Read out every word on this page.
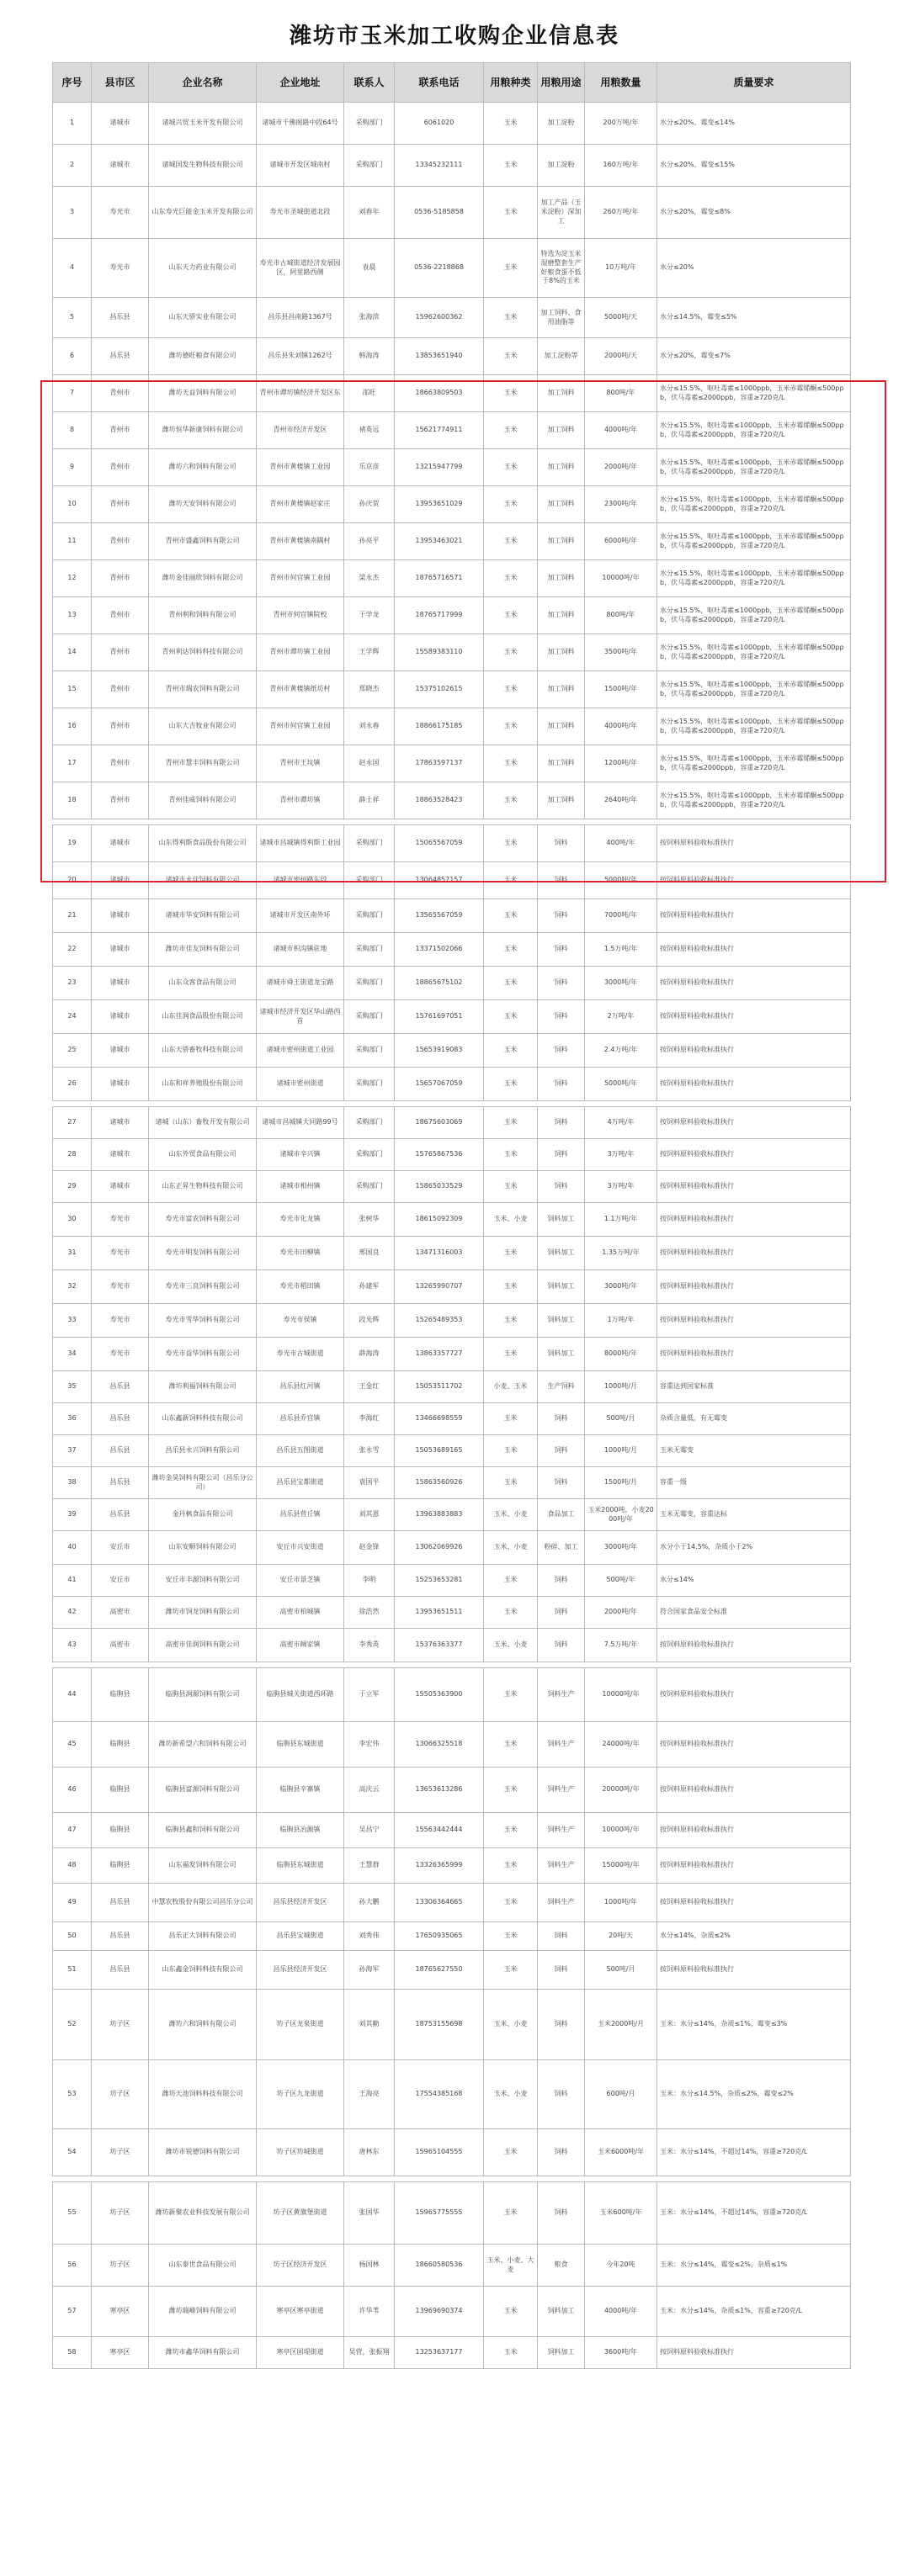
潍坊市玉米加工收购企业信息表
序号	县市区	企业名称	企业地址	联系人	联系电话	用粮种类	用粮用途	用粮数量	质量要求
1	诸城市	诸城兴贸玉米开发有限公司	诸城市千佛阁路中段64号	采购部门	6061020	玉米	加工淀粉	200万吨/年	水分≤20%、霉变≤14%
2	诸城市	诸城国发生物科技有限公司	诸城市开发区城南村	采购部门	13345232111	玉米	加工淀粉	160万吨/年	水分≤20%、霉变≤15%
3	寿光市	山东寿光巨能金玉米开发有限公司	寿光市圣城街道北段	刘春年	0536-5185858	玉米	加工产品（玉米淀粉）深加工	260万吨/年	水分≤20%，霉变≤8%
4	寿光市	山东天力药业有限公司	寿光市古城街道经济发展园区，阿里路西侧	袁晨	0536-2218868	玉米	特选为淀玉米湿磨整套生产好粮食蛋不低于8%的玉米	10万吨/年	水分≤20%
5	昌乐县	山东天骄实业有限公司	昌乐县昌南路1367号	张海滨	15962600362	玉米	加工饲料、食用油脂等	5000吨/天	水分≤14.5%，霉变≤5%
6	昌乐县	潍坊德旺粮食有限公司	昌乐县朱刘镇1262号	韩海涛	13853651940	玉米	加工淀粉等	2000吨/天	水分≤20%，霉变≤7%
7	青州市	潍坊天益饲料有限公司	青州市谭坊镇经济开发区东	邵旺	18663809503	玉米	加工饲料	800吨/年	水分≤15.5%，呕吐毒素≤1000ppb，玉米赤霉烯酮≤500ppb，伏马毒素≤2000ppb，容重≥720克/L
8	青州市	潍坊恒华新康饲料有限公司	青州市经济开发区	褚英远	15621774911	玉米	加工饲料	4000吨/年	水分≤15.5%，呕吐毒素≤1000ppb，玉米赤霉烯酮≤500ppb，伏马毒素≤2000ppb，容重≥720克/L
9	青州市	潍坊六和饲料有限公司	青州市黄楼镇工业园	乐京彦	13215947799	玉米	加工饲料	2000吨/年	水分≤15.5%，呕吐毒素≤1000ppb，玉米赤霉烯酮≤500ppb，伏马毒素≤2000ppb，容重≥720克/L
10	青州市	潍坊天安饲料有限公司	青州市黄楼镇赵家庄	孙庆贺	13953651029	玉米	加工饲料	2300吨/年	水分≤15.5%，呕吐毒素≤1000ppb，玉米赤霉烯酮≤500ppb，伏马毒素≤2000ppb，容重≥720克/L
11	青州市	青州市盛鑫饲料有限公司	青州市黄楼镇南隅村	孙亮平	13953463021	玉米	加工饲料	6000吨/年	水分≤15.5%，呕吐毒素≤1000ppb，玉米赤霉烯酮≤500ppb，伏马毒素≤2000ppb，容重≥720克/L
12	青州市	潍坊金佳丽欣饲料有限公司	青州市何官镇工业园	梁永杰	18765716571	玉米	加工饲料	10000吨/年	水分≤15.5%，呕吐毒素≤1000ppb，玉米赤霉烯酮≤500ppb，伏马毒素≤2000ppb，容重≥720克/L
13	青州市	青州利和饲料有限公司	青州市何官镇院校	于学龙	18765717999	玉米	加工饲料	800吨/年	水分≤15.5%，呕吐毒素≤1000ppb，玉米赤霉烯酮≤500ppb，伏马毒素≤2000ppb，容重≥720克/L
14	青州市	青州利达饲料科技有限公司	青州市谭坊镇工业园	王学辉	15589383110	玉米	加工饲料	3500吨/年	水分≤15.5%，呕吐毒素≤1000ppb，玉米赤霉烯酮≤500ppb，伏马毒素≤2000ppb，容重≥720克/L
15	青州市	青州市瑞农饲料有限公司	青州市黄楼镇纸坊村	郑晓杰	15375102615	玉米	加工饲料	1500吨/年	水分≤15.5%，呕吐毒素≤1000ppb，玉米赤霉烯酮≤500ppb，伏马毒素≤2000ppb，容重≥720克/L
16	青州市	山东大吉牧业有限公司	青州市何官镇工业园	刘永春	18866175185	玉米	加工饲料	4000吨/年	水分≤15.5%，呕吐毒素≤1000ppb，玉米赤霉烯酮≤500ppb，伏马毒素≤2000ppb，容重≥720克/L
17	青州市	青州市慧丰饲料有限公司	青州市王坟镇	赵永国	17863597137	玉米	加工饲料	1200吨/年	水分≤15.5%，呕吐毒素≤1000ppb，玉米赤霉烯酮≤500ppb，伏马毒素≤2000ppb，容重≥720克/L
18	青州市	青州佳威饲料有限公司	青州市谭坊镇	薛士祥	18863528423	玉米	加工饲料	2640吨/年	水分≤15.5%，呕吐毒素≤1000ppb，玉米赤霉烯酮≤500ppb，伏马毒素≤2000ppb，容重≥720克/L

19	诸城市	山东得利斯食品股份有限公司	诸城市昌城镇得利斯工业园	采购部门	15065567059	玉米	饲料	400吨/年	按饲料原料验收标准执行
20	诸城市	诸城市永佳饲料有限公司	诸城市密州路东段	采购部门	13064857157	玉米	饲料	5000吨/年	按饲料原料验收标准执行
21	诸城市	诸城市华安饲料有限公司	诸城市开发区南外环	采购部门	13565567059	玉米	饲料	7000吨/年	按饲料原料验收标准执行
22	诸城市	潍坊市佳友饲料有限公司	诸城市枳沟镇驻地	采购部门	13371502066	玉米	饲料	1.5万吨/年	按饲料原料验收标准执行
23	诸城市	山东众客食品有限公司	诸城市舜王街道龙宝路	采购部门	18865675102	玉米	饲料	3000吨/年	按饲料原料验收标准执行
24	诸城市	山东佳润食品股份有限公司	诸城市经济开发区华山路西首	采购部门	15761697051	玉米	饲料	2万吨/年	按饲料原料验收标准执行
25	诸城市	山东天骄畜牧科技有限公司	诸城市密州街道工业园	采购部门	15653919083	玉米	饲料	2.4万吨/年	按饲料原料验收标准执行
26	诸城市	山东和祥养殖股份有限公司	诸城市密州街道	采购部门	15657067059	玉米	饲料	5000吨/年	按饲料原料验收标准执行

27	诸城市	诸城（山东）畜牧开发有限公司	诸城市昌城镇大同路99号	采购部门	18675603069	玉米	饲料	4万吨/年	按饲料原料验收标准执行
28	诸城市	山东外贸食品有限公司	诸城市辛兴镇	采购部门	15765867536	玉米	饲料	3万吨/年	按饲料原料验收标准执行
29	诸城市	山东正昇生物科技有限公司	诸城市相州镇	采购部门	15865033529	玉米	饲料	3万吨/年	按饲料原料验收标准执行
30	寿光市	寿光市富农饲料有限公司	寿光市化龙镇	张树华	18615092309	玉米、小麦	饲料加工	1.1万吨/年	按饲料原料验收标准执行
31	寿光市	寿光市明发饲料有限公司	寿光市田柳镇	邢国良	13471316003	玉米	饲料加工	1.35万吨/年	按饲料原料验收标准执行
32	寿光市	寿光市三良饲料有限公司	寿光市稻田镇	孙建军	13265990707	玉米	饲料加工	3000吨/年	按饲料原料验收标准执行
33	寿光市	寿光市雪华饲料有限公司	寿光市侯镇	段光辉	15265489353	玉米	饲料加工	1万吨/年	按饲料原料验收标准执行
34	寿光市	寿光市益华饲料有限公司	寿光市古城街道	薛海涛	13863357727	玉米	饲料加工	8000吨/年	按饲料原料验收标准执行
35	昌乐县	潍坊利福饲料有限公司	昌乐县红河镇	王金红	15053511702	小麦、玉米	生产饲料	1000吨/月	容重达到国家标准
36	昌乐县	山东鑫新饲料科技有限公司	昌乐县乔官镇	李海红	13466698559	玉米	饲料	500吨/月	杂质含量低，有无霉变
37	昌乐县	昌乐县永兴饲料有限公司	昌乐县五图街道	张永雪	15053689165	玉米	饲料	1000吨/月	玉米无霉变
38	昌乐县	潍坊金昊饲料有限公司（昌乐分公司）	昌乐县宝都街道	袁国平	15863560926	玉米	饲料	1500吨/月	容重一级
39	昌乐县	金丹枫食品有限公司	昌乐县营丘镇	刘其恩	13963883883	玉米、小麦	食品加工	玉米2000吨，小麦2000吨/年	玉米无霉变，容重达标
40	安丘市	山东安顺饲料有限公司	安丘市兴安街道	赵金锋	13062069926	玉米、小麦	粉碎、加工	3000吨/年	水分小于14.5%，杂质小于2%
41	安丘市	安丘市丰源饲料有限公司	安丘市景芝镇	李明	15253653281	玉米	饲料	500吨/年	水分≤14%
42	高密市	潍坊市饲龙饲料有限公司	高密市柏城镇	徐浩然	13953651511	玉米	饲料	2000吨/年	符合国家食品安全标准
43	高密市	高密市佳润饲料有限公司	高密市阚家镇	李秀英	15376363377	玉米、小麦	饲料	7.5万吨/年	按饲料原料验收标准执行

44	临朐县	临朐县润源饲料有限公司	临朐县城关街道西环路	于立军	15505363900	玉米	饲料生产	10000吨/年	按饲料原料验收标准执行
45	临朐县	潍坊新希望六和饲料有限公司	临朐县东城街道	李宏伟	13066325518	玉米	饲料生产	24000吨/年	按饲料原料验收标准执行
46	临朐县	临朐县富源饲料有限公司	临朐县辛寨镇	高庆云	13653613286	玉米	饲料生产	20000吨/年	按饲料原料验收标准执行
47	临朐县	临朐县鑫和饲料有限公司	临朐县冶源镇	吴昌宁	15563442444	玉米	饲料生产	10000吨/年	按饲料原料验收标准执行
48	临朐县	山东福发饲料有限公司	临朐县东城街道	王慧群	13326365999	玉米	饲料生产	15000吨/年	按饲料原料验收标准执行
49	昌乐县	中慧农牧股份有限公司昌乐分公司	昌乐县经济开发区	孙大鹏	13306364665	玉米	饲料生产	1000吨/年	按饲料原料验收标准执行
50	昌乐县	昌乐正大饲料有限公司	昌乐县宝城街道	刘秀伟	17650935065	玉米	饲料	20吨/天	水分≤14%，杂质≤2%
51	昌乐县	山东鑫金饲料科技有限公司	昌乐县经济开发区	孙海军	18765627550	玉米	饲料	500吨/月	按饲料原料验收标准执行
52	坊子区	潍坊六和饲料有限公司	坊子区龙泉街道	刘其勤	18753155698	玉米、小麦	饲料	玉米2000吨/月	玉米：水分≤14%，杂质≤1%，霉变≤3%
53	坊子区	潍坊天池饲料科技有限公司	坊子区九龙街道	王海亮	17554385168	玉米、小麦	饲料	600吨/月	玉米：水分≤14.5%，杂质≤2%，霉变≤2%
54	坊子区	潍坊市锐德饲料有限公司	坊子区坊城街道	唐林东	15965104555	玉米	饲料	玉米6000吨/年	玉米：水分≤14%，不超过14%，容重≥720克/L

55	坊子区	潍坊新聚农业科技发展有限公司	坊子区黄旗堡街道	张国华	15965775555	玉米	饲料	玉米600吨/年	玉米：水分≤14%，不超过14%，容重≥720克/L
56	坊子区	山东泰世食品有限公司	坊子区经济开发区	杨国林	18660580536	玉米、小麦、大麦	粮食	今年20吨	玉米：水分≤14%，霉变≤2%，杂质≤1%
57	寒亭区	潍坊瑞峰饲料有限公司	寒亭区寒亭街道	许华苇	13969690374	玉米	饲料加工	4000吨/年	玉米：水分≤14%，杂质≤1%，容重≥720克/L
58	寒亭区	潍坊市鑫华饲料有限公司	寒亭区固堤街道	吴营，张振翔	13253637177	玉米	饲料加工	3600吨/年	按饲料原料验收标准执行
